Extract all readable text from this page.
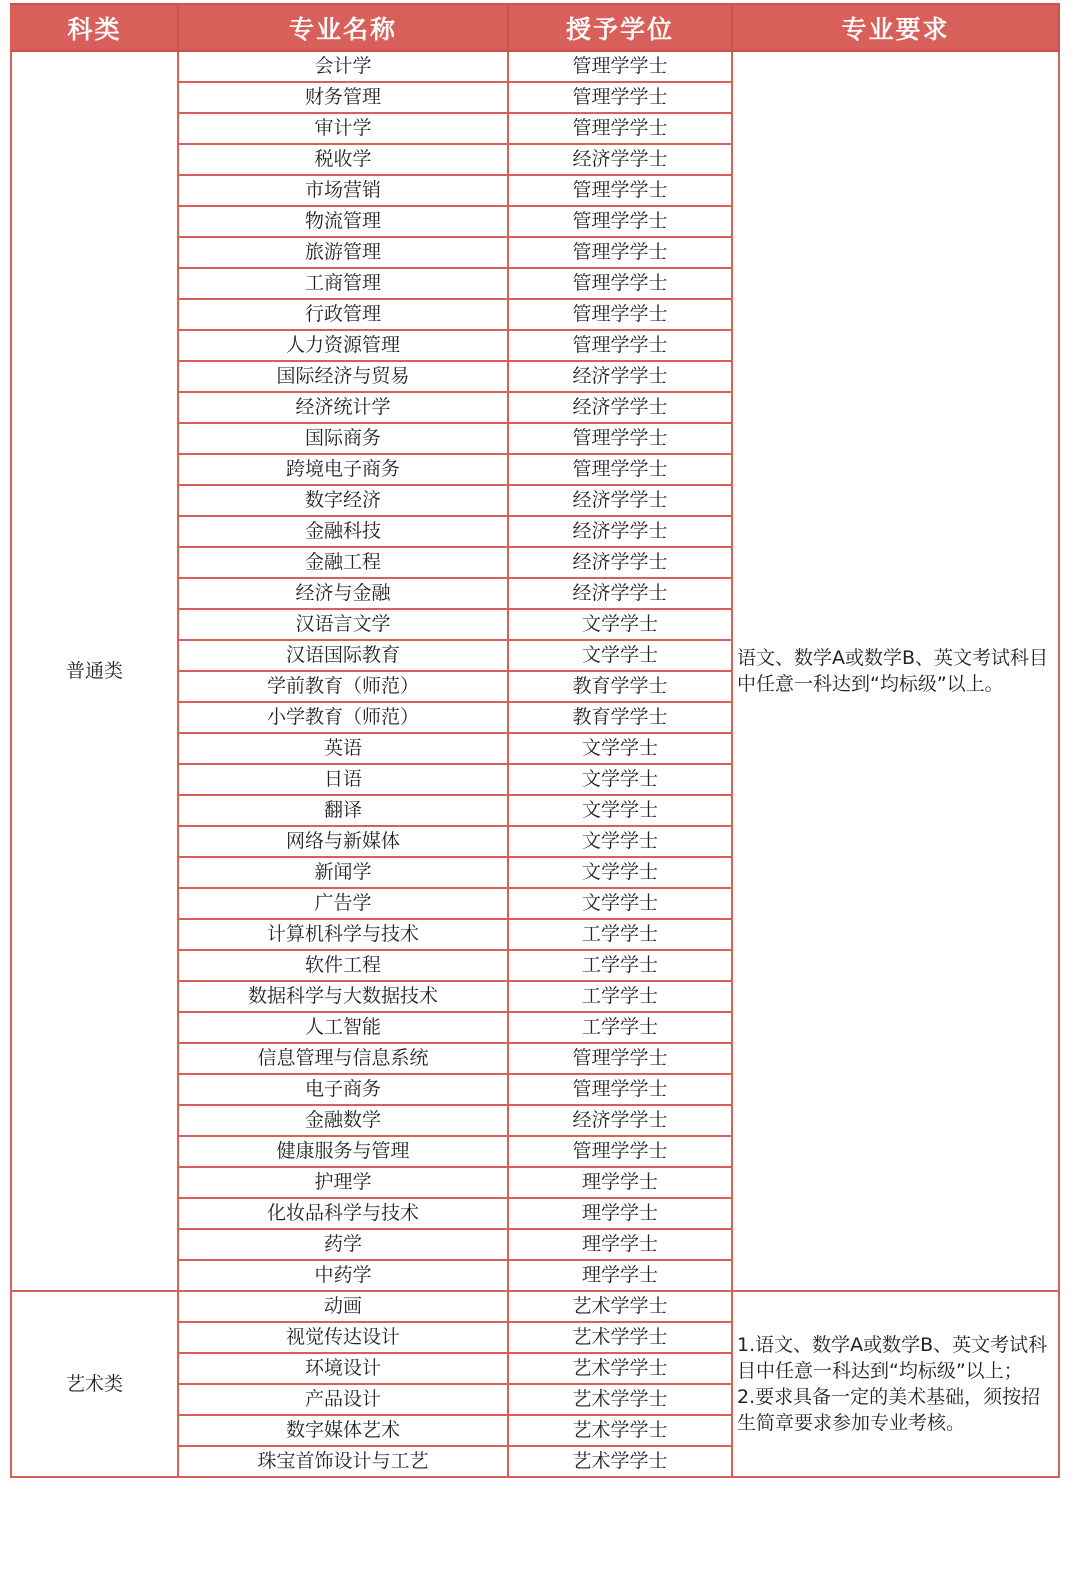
科类	专业名称	授予学位	专业要求
普通类	会计学	管理学学士	语文、数学A或数学B、英文考试科目中任意一科达到“均标级”以上。

	财务管理	管理学学士	
	审计学	管理学学士	
	税收学	经济学学士	
	市场营销	管理学学士	
	物流管理	管理学学士	
	旅游管理	管理学学士	
	工商管理	管理学学士	
	行政管理	管理学学士	
	人力资源管理	管理学学士	
	国际经济与贸易	经济学学士	
	经济统计学	经济学学士	
	国际商务	管理学学士	
	跨境电子商务	管理学学士	
	数字经济	经济学学士	
	金融科技	经济学学士	
	金融工程	经济学学士	
	经济与金融	经济学学士	
	汉语言文学	文学学士	
	汉语国际教育	文学学士	
	学前教育（师范）	教育学学士	
	小学教育（师范）	教育学学士	
	英语	文学学士	
	日语	文学学士	
	翻译	文学学士	
	网络与新媒体	文学学士	
	新闻学	文学学士	
	广告学	文学学士	
	计算机科学与技术	工学学士	
	软件工程	工学学士	
	数据科学与大数据技术	工学学士	
	人工智能	工学学士	
	信息管理与信息系统	管理学学士	
	电子商务	管理学学士	
	金融数学	经济学学士	
	健康服务与管理	管理学学士	
	护理学	理学学士	
	化妆品科学与技术	理学学士	
	药学	理学学士	
	中药学	理学学士	
艺术类	动画	艺术学学士	1.语文、数学A或数学B、英文考试科目中任意一科达到“均标级”以上；
2.要求具备一定的美术基础，须按招生简章要求参加专业考核。

	视觉传达设计	艺术学学士	
	环境设计	艺术学学士	
	产品设计	艺术学学士	
	数字媒体艺术	艺术学学士	
	珠宝首饰设计与工艺	艺术学学士	
